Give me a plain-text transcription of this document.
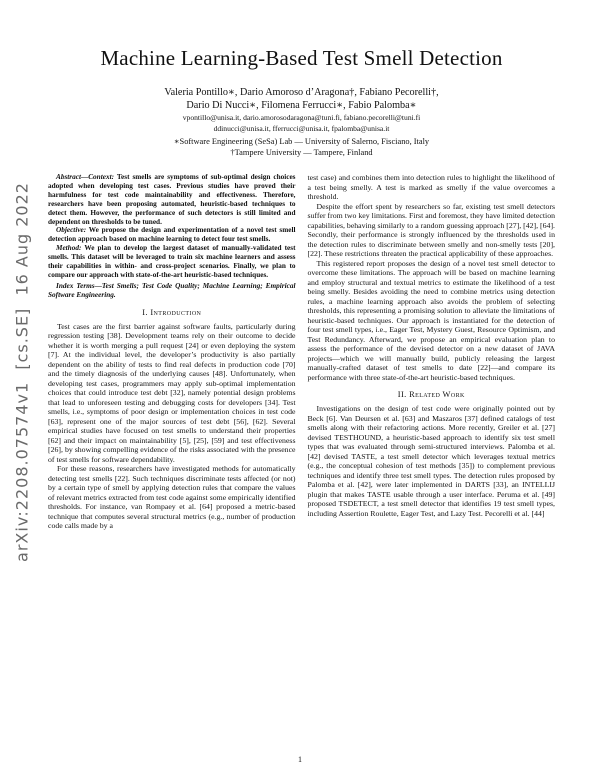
arXiv:2208.07574v1  [cs.SE]  16 Aug 2022
Machine Learning-Based Test Smell Detection
Valeria Pontillo∗, Dario Amoroso d’Aragona†, Fabiano Pecorelli†,
Dario Di Nucci∗, Filomena Ferrucci∗, Fabio Palomba∗
vpontillo@unisa.it, dario.amorosodaragona@tuni.fi, fabiano.pecorelli@tuni.fi
ddinucci@unisa.it, fferrucci@unisa.it, fpalomba@unisa.it
∗Software Engineering (SeSa) Lab — University of Salerno, Fisciano, Italy
†Tampere University — Tampere, Finland

Abstract—Context: Test smells are symptoms of sub-optimal design choices adopted when developing test cases. Previous studies have proved their harmfulness for test code maintainability and effectiveness. Therefore, researchers have been proposing automated, heuristic-based techniques to detect them. However, the performance of such detectors is still limited and dependent on thresholds to be tuned.

Objective: We propose the design and experimentation of a novel test smell detection approach based on machine learning to detect four test smells.

Method: We plan to develop the largest dataset of manually-validated test smells. This dataset will be leveraged to train six machine learners and assess their capabilities in within- and cross-project scenarios. Finally, we plan to compare our approach with state-of-the-art heuristic-based techniques.

Index Terms—Test Smells; Test Code Quality; Machine Learning; Empirical Software Engineering.

I. Introduction

Test cases are the first barrier against software faults, particularly during regression testing [38]. Development teams rely on their outcome to decide whether it is worth merging a pull request [24] or even deploying the system [7]. At the individual level, the developer’s productivity is also partially dependent on the ability of tests to find real defects in production code [70] and the timely diagnosis of the underlying causes [48]. Unfortunately, when developing test cases, programmers may apply sub-optimal implementation choices that could introduce test debt [32], namely potential design problems that lead to unforeseen testing and debugging costs for developers [34]. Test smells, i.e., symptoms of poor design or implementation choices in test code [63], represent one of the major sources of test debt [56], [62]. Several empirical studies have focused on test smells to understand their properties [62] and their impact on maintainability [5], [25], [59] and test effectiveness [26], by showing compelling evidence of the risks associated with the presence of test smells for software dependability.

For these reasons, researchers have investigated methods for automatically detecting test smells [22]. Such techniques discriminate tests affected (or not) by a certain type of smell by applying detection rules that compare the values of relevant metrics extracted from test code against some empirically identified thresholds. For instance, van Rompaey et al. [64] proposed a metric-based technique that computes several structural metrics (e.g., number of production code calls made by a

test case) and combines them into detection rules to highlight the likelihood of a test being smelly. A test is marked as smelly if the value overcomes a threshold.

Despite the effort spent by researchers so far, existing test smell detectors suffer from two key limitations. First and foremost, they have limited detection capabilities, behaving similarly to a random guessing approach [27], [42], [64]. Secondly, their performance is strongly influenced by the thresholds used in the detection rules to discriminate between smelly and non-smelly tests [20], [22]. These restrictions threaten the practical applicability of these approaches.

This registered report proposes the design of a novel test smell detector to overcome these limitations. The approach will be based on machine learning and employ structural and textual metrics to estimate the likelihood of a test being smelly. Besides avoiding the need to combine metrics using detection rules, a machine learning approach also avoids the problem of selecting thresholds, this representing a promising solution to alleviate the limitations of heuristic-based techniques. Our approach is instantiated for the detection of four test smell types, i.e., Eager Test, Mystery Guest, Resource Optimism, and Test Redundancy. Afterward, we propose an empirical evaluation plan to assess the performance of the devised detector on a new dataset of JAVA projects—which we will manually build, publicly releasing the largest manually-crafted dataset of test smells to date [22]—and compare its performance with three state-of-the-art heuristic-based techniques.

II. Related Work

Investigations on the design of test code were originally pointed out by Beck [6]. Van Deursen et al. [63] and Maszaros [37] defined catalogs of test smells along with their refactoring actions. More recently, Greiler et al. [27] devised TESTHOUND, a heuristic-based approach to identify six test smell types that was evaluated through semi-structured interviews. Palomba et al. [42] devised TASTE, a test smell detector which leverages textual metrics (e.g., the conceptual cohesion of test methods [35]) to complement previous techniques and identify three test smell types. The detection rules proposed by Palomba et al. [42], were later implemented in DARTS [33], an INTELLIJ plugin that makes TASTE usable through a user interface. Peruma et al. [49] proposed TSDETECT, a test smell detector that identifies 19 test smell types, including Assertion Roulette, Eager Test, and Lazy Test. Pecorelli et al. [44]

1
